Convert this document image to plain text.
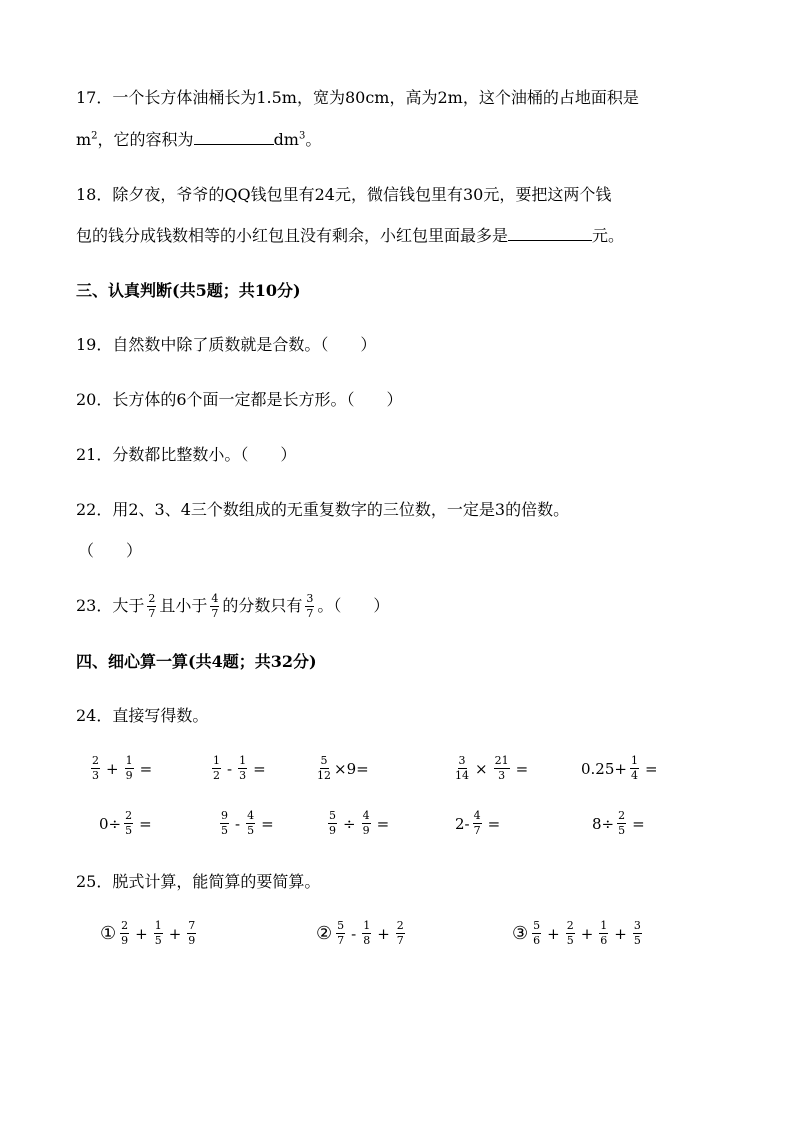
17．一个长方体油桶长为1.5m，宽为80cm，高为2m，这个油桶的占地面积是
$m^2$，它的容积为	$dm^3$。
18．除夕夜，爷爷的QQ钱包里有24元，微信钱包里有30元，要把这两个钱
包的钱分成钱数相等的小红包且没有剩余，小红包里面最多是	元。
三、认真判断(共5题；共10分)
19．自然数中除了质数就是合数。（　　）
20．长方体的6个面一定都是长方形。（　　）
21．分数都比整数小。（　　）
22．用2、3、4三个数组成的无重复数字的三位数，一定是3的倍数。
（　　）
23．大于 $\frac{2}{7}$ 且小于 $\frac{4}{7}$ 的分数只有 $\frac{3}{7}$ 。（　　）
四、细心算一算(共4题；共32分)
24．直接写得数。
$\frac{2}{3} + \frac{1}{9}$ =	$\frac{1}{2} - \frac{1}{3}$ =	$\frac{5}{12} \times 9=$	$\frac{3}{14} \times \frac{21}{3}$ =	$0.25+ \frac{1}{4}$ =
$0\div \frac{2}{5}$ =	$\frac{9}{5} - \frac{4}{5}$ =	$\frac{5}{9} \div \frac{4}{9}$ =	$2- \frac{4}{7}$ =	$8\div \frac{2}{5}$ =
25．脱式计算，能简算的要简算。
① $\frac{2}{9} + \frac{1}{5} + \frac{7}{9}$	② $\frac{5}{7} - \frac{1}{8} + \frac{2}{7}$	③ $\frac{5}{6} + \frac{2}{5} + \frac{1}{6} + \frac{3}{5}$
